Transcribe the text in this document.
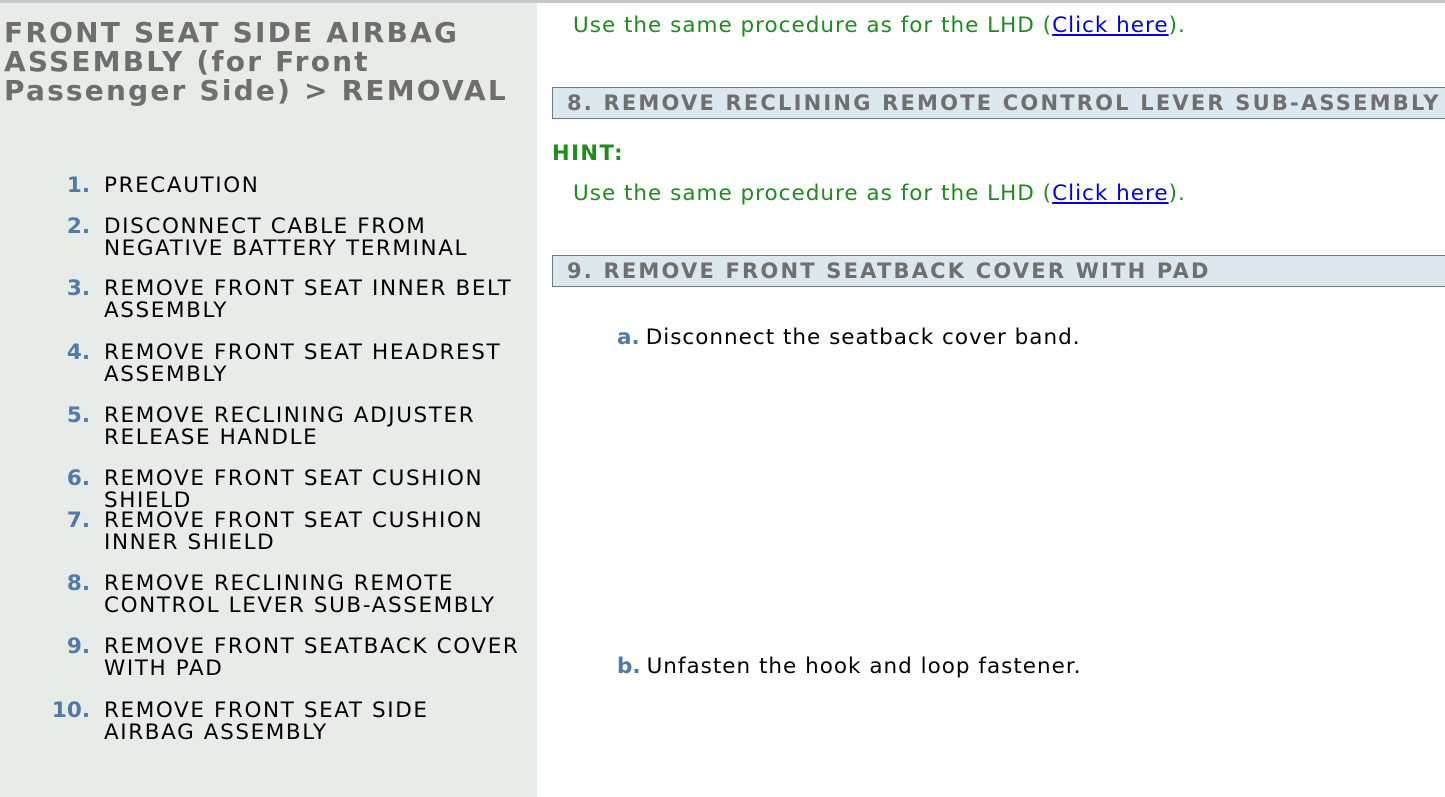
FRONT SEAT SIDE AIRBAG ASSEMBLY (for Front Passenger Side) > REMOVAL
1. PRECAUTION
2. DISCONNECT CABLE FROM NEGATIVE BATTERY TERMINAL
3. REMOVE FRONT SEAT INNER BELT ASSEMBLY
4. REMOVE FRONT SEAT HEADREST ASSEMBLY
5. REMOVE RECLINING ADJUSTER RELEASE HANDLE
6. REMOVE FRONT SEAT CUSHION SHIELD
7. REMOVE FRONT SEAT CUSHION INNER SHIELD
8. REMOVE RECLINING REMOTE CONTROL LEVER SUB-ASSEMBLY
9. REMOVE FRONT SEATBACK COVER WITH PAD
10. REMOVE FRONT SEAT SIDE AIRBAG ASSEMBLY
Use the same procedure as for the LHD (Click here).
8. REMOVE RECLINING REMOTE CONTROL LEVER SUB-ASSEMBLY
HINT:
Use the same procedure as for the LHD (Click here).
9. REMOVE FRONT SEATBACK COVER WITH PAD
a. Disconnect the seatback cover band.
b. Unfasten the hook and loop fastener.
